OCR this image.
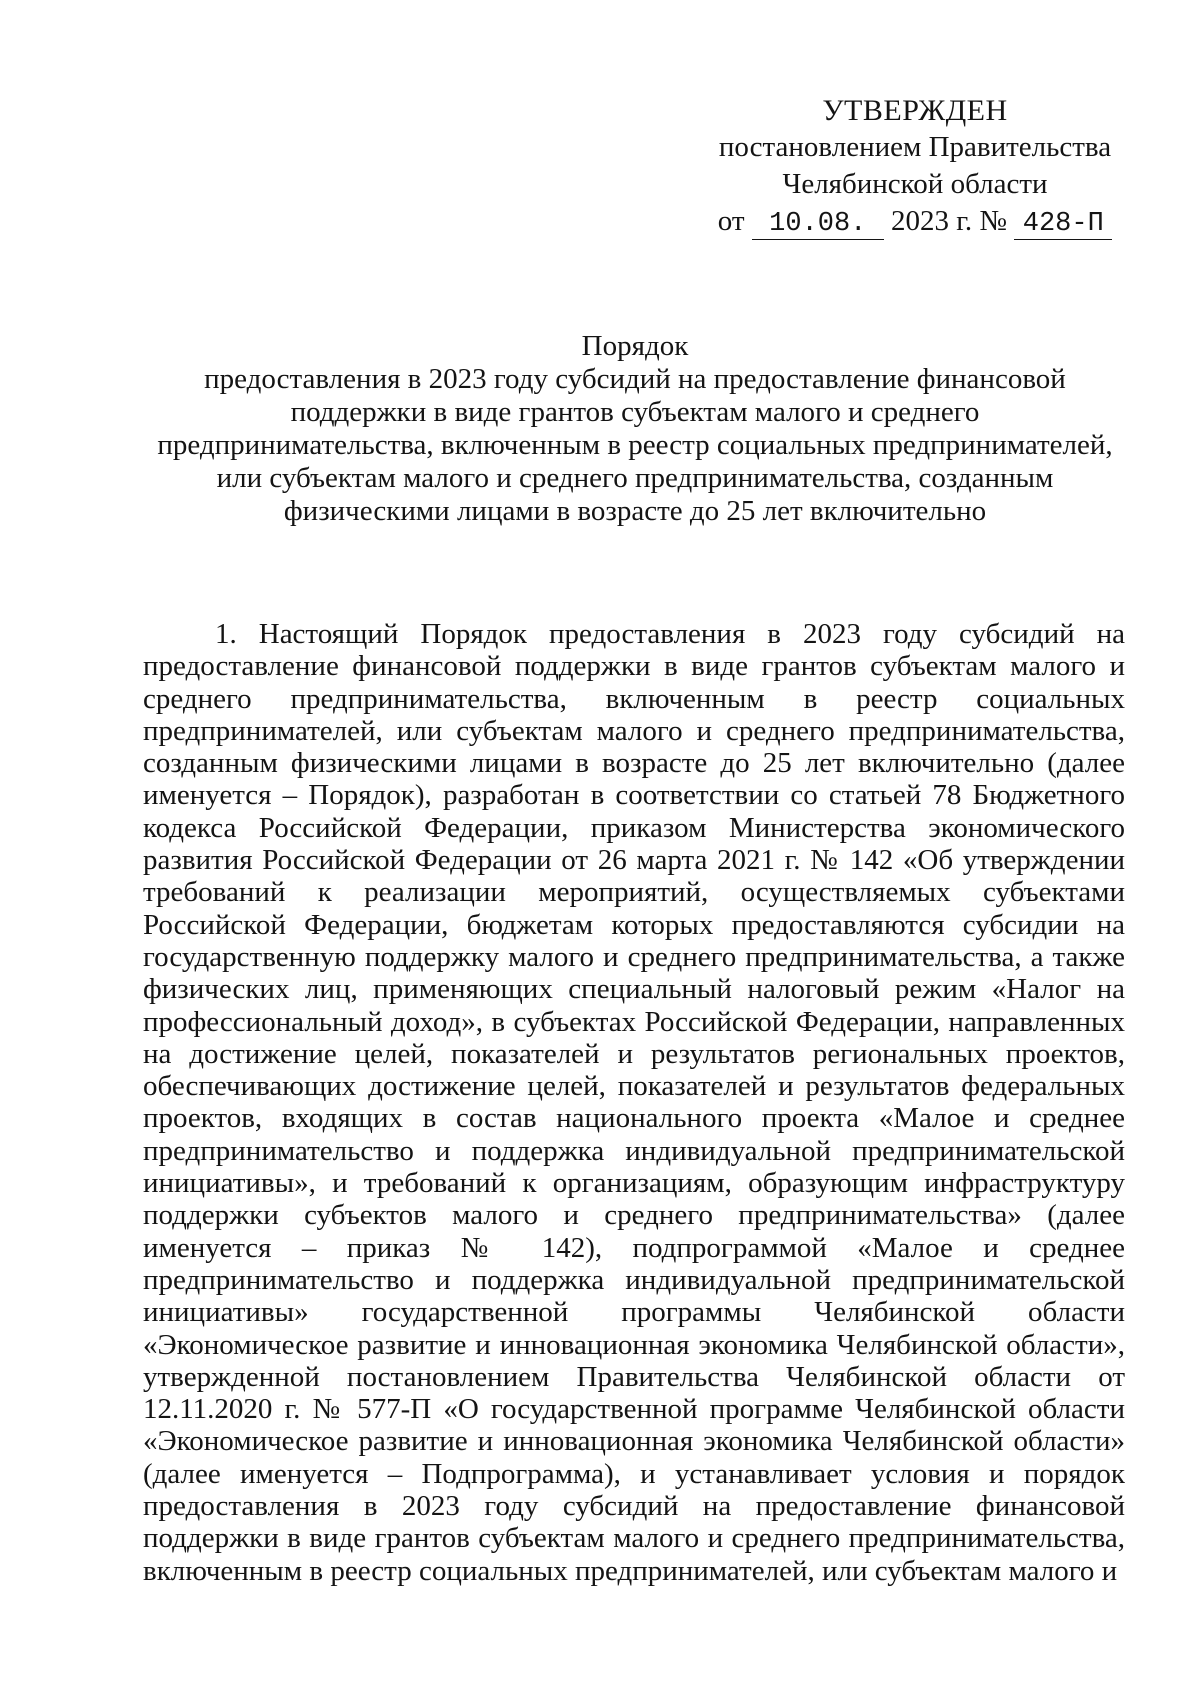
УТВЕРЖДЕН
постановлением Правительства
Челябинской области
от 10.08. 2023 г. № 428-П
Порядок
предоставления в 2023 году субсидий на предоставление финансовой поддержки в виде грантов субъектам малого и среднего предпринимательства, включенным в реестр социальных предпринимателей, или субъектам малого и среднего предпринимательства, созданным физическими лицами в возрасте до 25 лет включительно

1. Настоящий Порядок предоставления в 2023 году субсидий на предоставление финансовой поддержки в виде грантов субъектам малого и среднего предпринимательства, включенным в реестр социальных предпринимателей, или субъектам малого и среднего предпринимательства, созданным физическими лицами в возрасте до 25 лет включительно (далее именуется – Порядок), разработан в соответствии со статьей 78 Бюджетного кодекса Российской Федерации, приказом Министерства экономического развития Российской Федерации от 26 марта 2021 г. № 142 «Об утверждении требований к реализации мероприятий, осуществляемых субъектами Российской Федерации, бюджетам которых предоставляются субсидии на государственную поддержку малого и среднего предпринимательства, а также физических лиц, применяющих специальный налоговый режим «Налог на профессиональный доход», в субъектах Российской Федерации, направленных на достижение целей, показателей и результатов региональных проектов, обеспечивающих достижение целей, показателей и результатов федеральных проектов, входящих в состав национального проекта «Малое и среднее предпринимательство и поддержка индивидуальной предпринимательской инициативы», и требований к организациям, образующим инфраструктуру поддержки субъектов малого и среднего предпринимательства» (далее именуется – приказ № 142), подпрограммой «Малое и среднее предпринимательство и поддержка индивидуальной предпринимательской инициативы» государственной программы Челябинской области «Экономическое развитие и инновационная экономика Челябинской области», утвержденной постановлением Правительства Челябинской области от 12.11.2020 г. № 577-П «О государственной программе Челябинской области «Экономическое развитие и инновационная экономика Челябинской области» (далее именуется – Подпрограмма), и устанавливает условия и порядок предоставления в 2023 году субсидий на предоставление финансовой поддержки в виде грантов субъектам малого и среднего предпринимательства, включенным в реестр социальных предпринимателей, или субъектам малого и
